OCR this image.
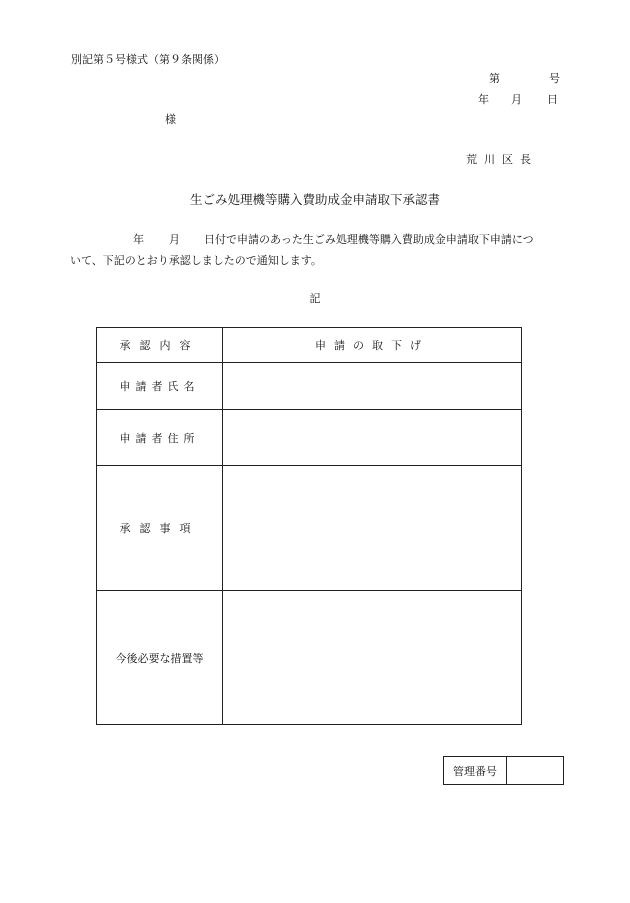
別記第５号様式（第９条関係）
第	号
年 月 日
様
荒川区長
生ごみ処理機等購入費助成金申請取下承認書
年 月 日付で申請のあった生ごみ処理機等購入費助成金申請取下申請につ
いて、下記のとおり承認しましたので通知します。
記
承認内容	申請の取下げ
申請者氏名	
申請者住所	
承認事項	
今後必要な措置等	
管理番号	
